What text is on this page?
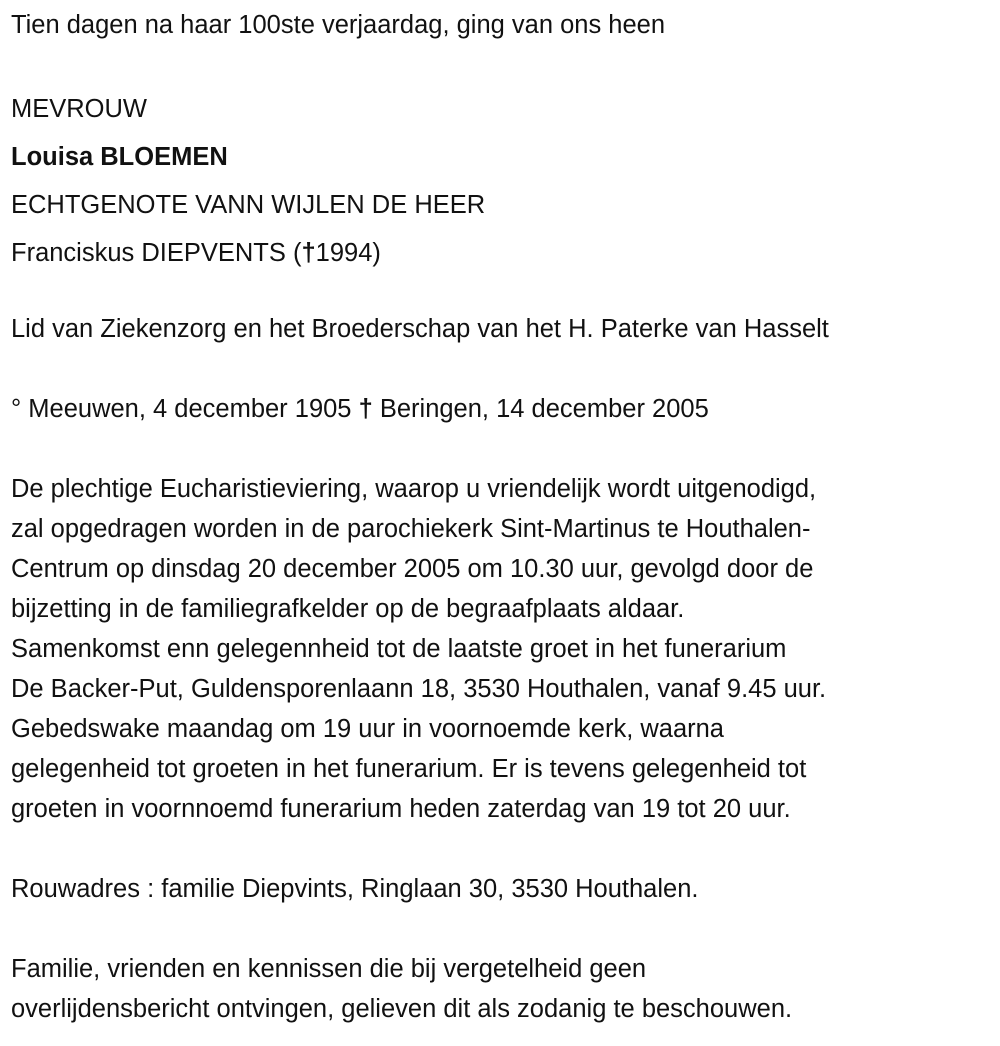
Tien dagen na haar 100ste verjaardag, ging van ons heen
MEVROUW
Louisa BLOEMEN
ECHTGENOTE VANN WIJLEN DE HEER
Franciskus DIEPVENTS (†1994)
Lid van Ziekenzorg en het Broederschap van het H. Paterke van Hasselt
° Meeuwen, 4 december 1905 † Beringen, 14 december 2005
De plechtige Eucharistieviering, waarop u vriendelijk wordt uitgenodigd,
zal opgedragen worden in de parochiekerk Sint-Martinus te Houthalen-
Centrum op dinsdag 20 december 2005 om 10.30 uur, gevolgd door de
bijzetting in de familiegrafkelder op de begraafplaats aldaar.
Samenkomst enn gelegennheid tot de laatste groet in het funerarium
De Backer-Put, Guldensporenlaann 18, 3530 Houthalen, vanaf 9.45 uur.
Gebedswake maandag om 19 uur in voornoemde kerk, waarna
gelegenheid tot groeten in het funerarium. Er is tevens gelegenheid tot
groeten in voornnoemd funerarium heden zaterdag van 19 tot 20 uur.
Rouwadres : familie Diepvints, Ringlaan 30, 3530 Houthalen.
Familie, vrienden en kennissen die bij vergetelheid geen
overlijdensbericht ontvingen, gelieven dit als zodanig te beschouwen.
